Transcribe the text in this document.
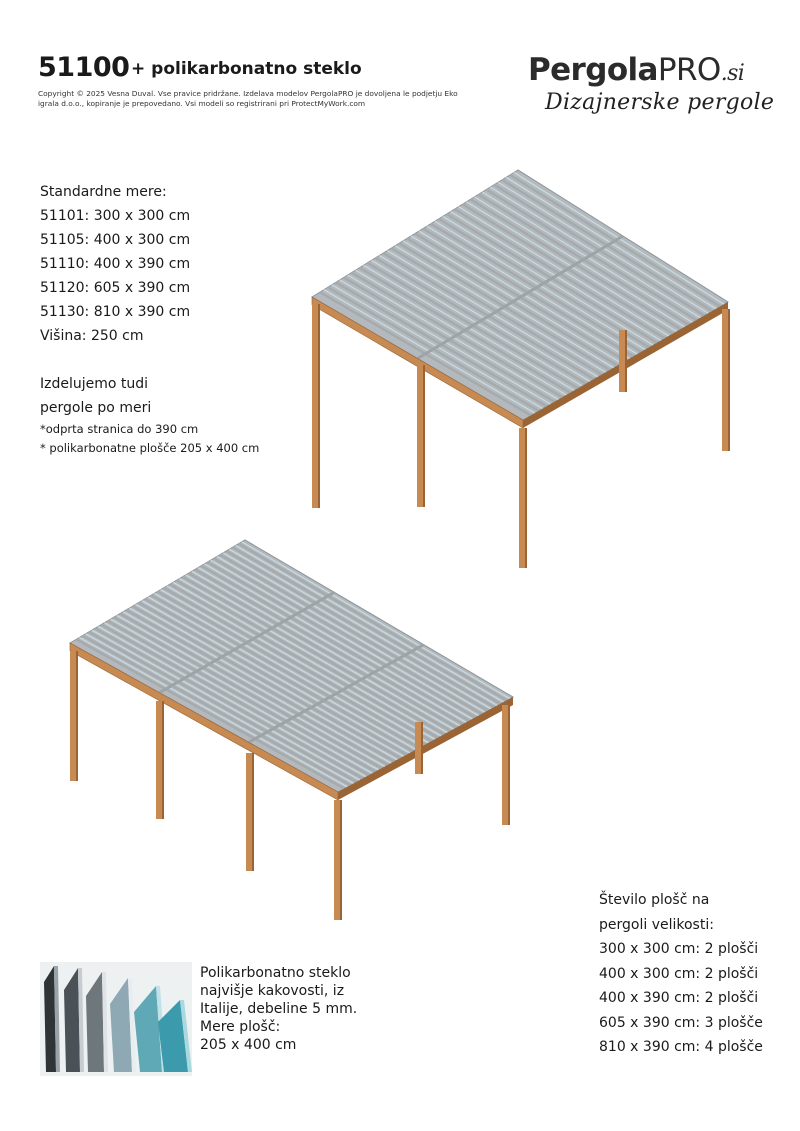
51100 + polikarbonatno steklo
Copyright © 2025 Vesna Duval. Vse pravice pridržane. Izdelava modelov PergolaPRO je dovoljena le podjetju Eko igrala d.o.o., kopiranje je prepovedano. Vsi modeli so registrirani pri ProtectMyWork.com
PergolaPRO.si
Dizajnerske pergole
Standardne mere:
51101: 300 x 300 cm
51105: 400 x 300 cm
51110: 400 x 390 cm
51120: 605 x 390 cm
51130: 810 x 390 cm
Višina: 250 cm
Izdelujemo tudi
pergole po meri
*odprta stranica do 390 cm
* polikarbonatne plošče 205 x 400 cm
Polikarbonatno steklo
najvišje kakovosti, iz
Italije, debeline 5 mm.
Mere plošč:
205 x 400 cm
Število plošč na
pergoli velikosti:
300 x 300 cm: 2 plošči
400 x 300 cm: 2 plošči
400 x 390 cm: 2 plošči
605 x 390 cm: 3 plošče
810 x 390 cm: 4 plošče
